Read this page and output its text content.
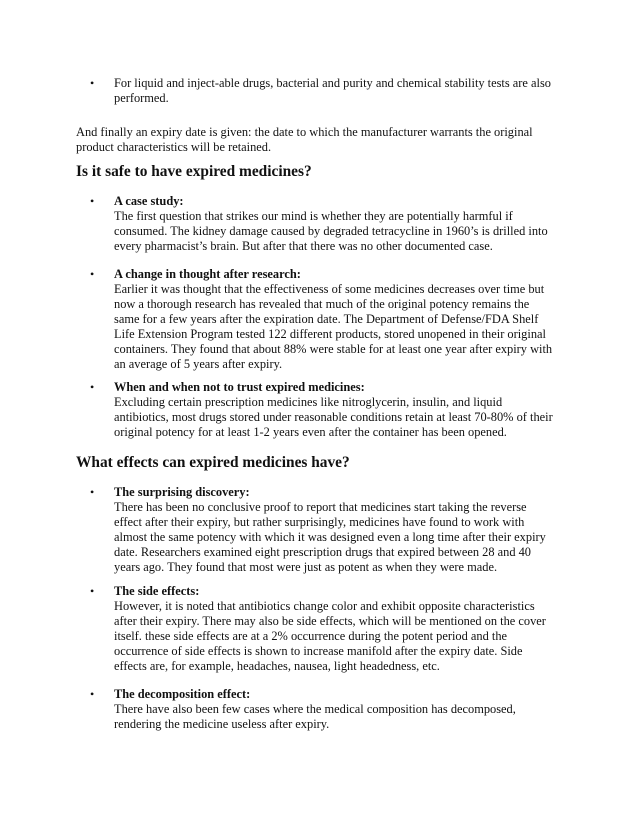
• For liquid and inject-able drugs, bacterial and purity and chemical stability tests are also performed.

And finally an expiry date is given: the date to which the manufacturer warrants the original product characteristics will be retained.

Is it safe to have expired medicines?
• A case study:
The first question that strikes our mind is whether they are potentially harmful if consumed. The kidney damage caused by degraded tetracycline in 1960’s is drilled into every pharmacist’s brain. But after that there was no other documented case.
• A change in thought after research:
Earlier it was thought that the effectiveness of some medicines decreases over time but now a thorough research has revealed that much of the original potency remains the same for a few years after the expiration date. The Department of Defense/FDA Shelf Life Extension Program tested 122 different products, stored unopened in their original containers. They found that about 88% were stable for at least one year after expiry with an average of 5 years after expiry.
• When and when not to trust expired medicines:
Excluding certain prescription medicines like nitroglycerin, insulin, and liquid antibiotics, most drugs stored under reasonable conditions retain at least 70-80% of their original potency for at least 1-2 years even after the container has been opened.
What effects can expired medicines have?
• The surprising discovery:
There has been no conclusive proof to report that medicines start taking the reverse effect after their expiry, but rather surprisingly, medicines have found to work with almost the same potency with which it was designed even a long time after their expiry date. Researchers examined eight prescription drugs that expired between 28 and 40 years ago. They found that most were just as potent as when they were made.
• The side effects:
However, it is noted that antibiotics change color and exhibit opposite characteristics after their expiry. There may also be side effects, which will be mentioned on the cover itself. these side effects are at a 2% occurrence during the potent period and the occurrence of side effects is shown to increase manifold after the expiry date. Side effects are, for example, headaches, nausea, light headedness, etc.
• The decomposition effect:
There have also been few cases where the medical composition has decomposed, rendering the medicine useless after expiry.
